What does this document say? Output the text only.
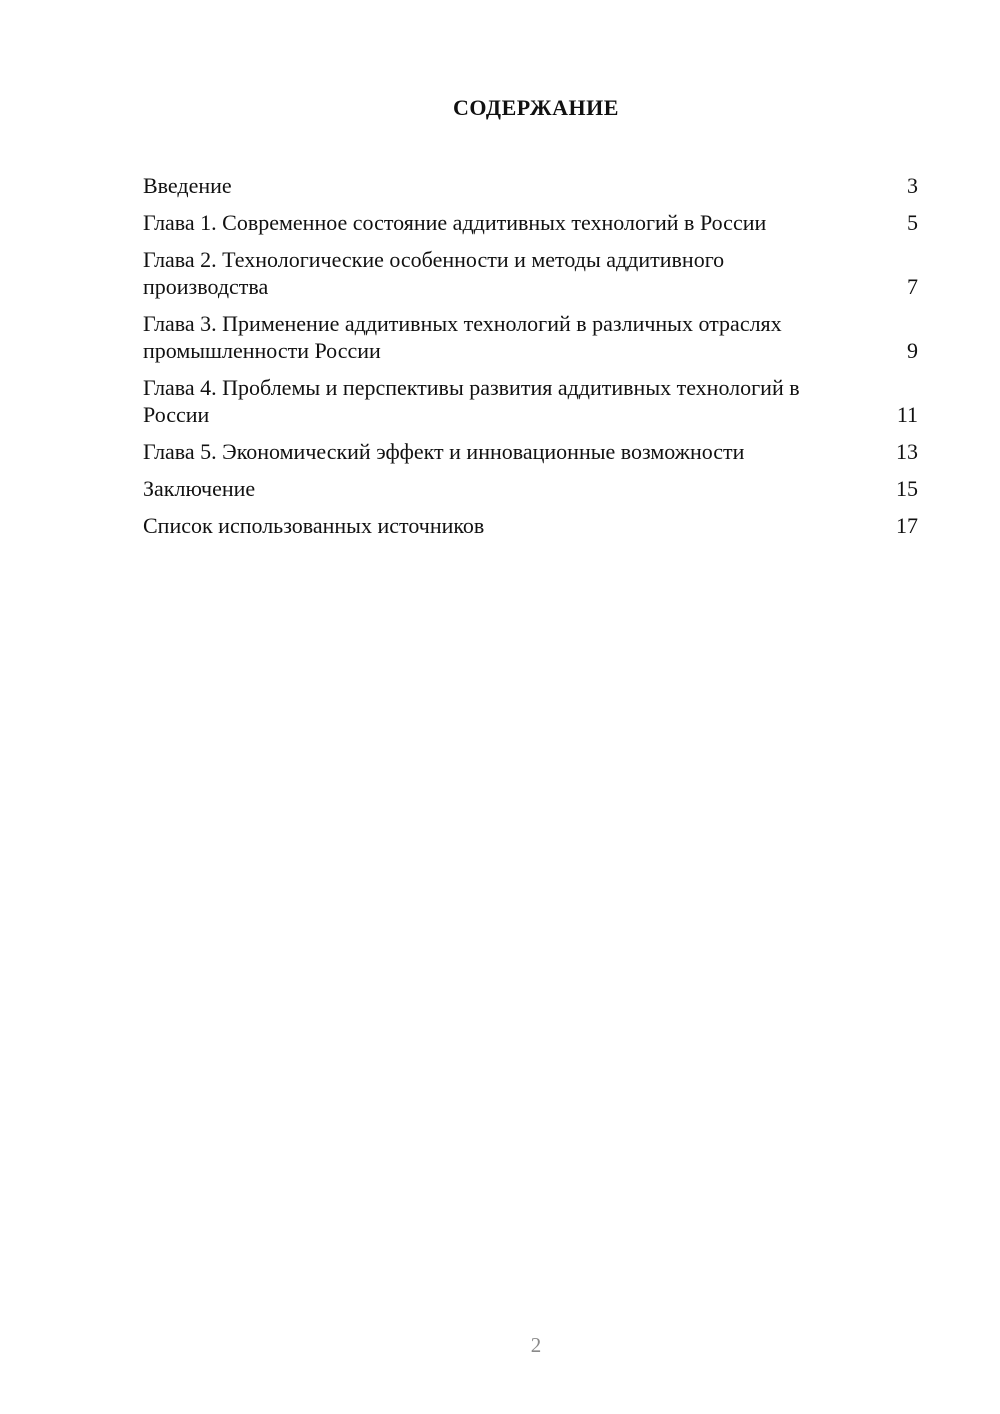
СОДЕРЖАНИЕ
Введение	3
Глава 1. Современное состояние аддитивных технологий в России	5
Глава 2. Технологические особенности и методы аддитивного производства	7
Глава 3. Применение аддитивных технологий в различных отраслях промышленности России	9
Глава 4. Проблемы и перспективы развития аддитивных технологий в России	11
Глава 5. Экономический эффект и инновационные возможности	13
Заключение	15
Список использованных источников	17
2
